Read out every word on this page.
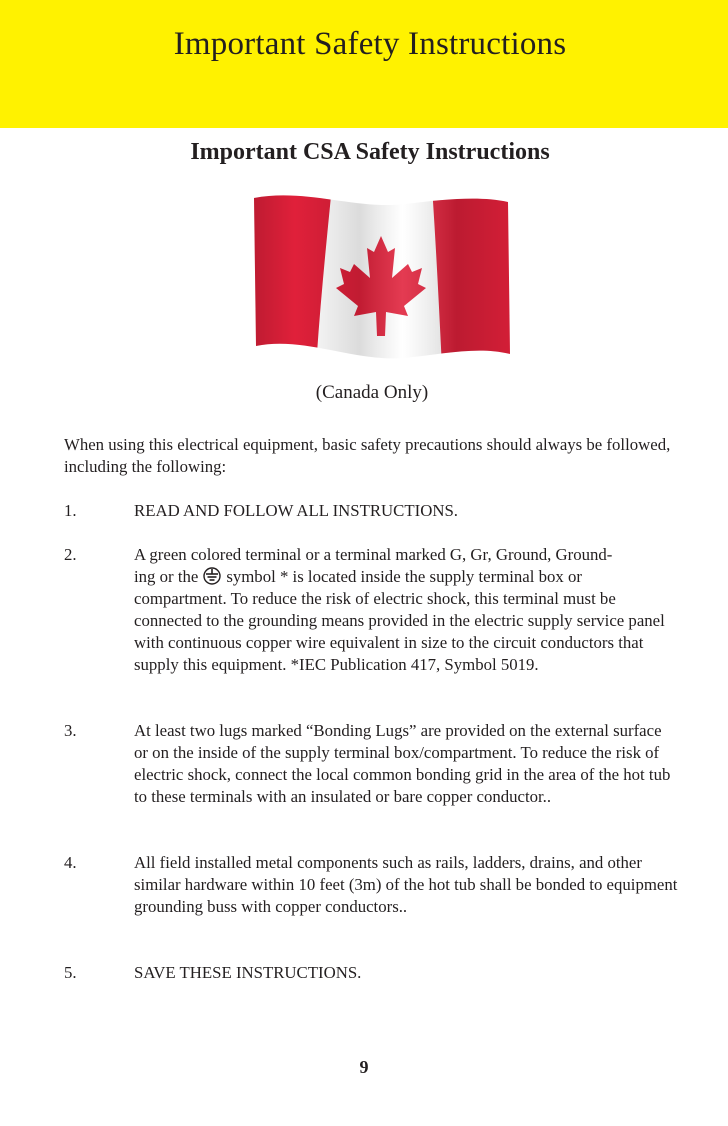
Important Safety Instructions
Important CSA Safety Instructions
(Canada Only)
When using this electrical equipment, basic safety precautions should always be followed, including the following:
1.	READ AND FOLLOW ALL INSTRUCTIONS.
2.	A green colored terminal or a terminal marked G, Gr, Ground, Ground-
ing or the symbol * is located inside the supply terminal box or
compartment. To reduce the risk of electric shock, this terminal must be connected to the grounding means provided in the electric supply service panel with continuous copper wire equivalent in size to the circuit conductors that supply this equipment. *IEC Publication 417, Symbol 5019.
3.	At least two lugs marked “Bonding Lugs” are provided on the external surface or on the inside of the supply terminal box/compartment. To reduce the risk of electric shock, connect the local common bonding grid in the area of the hot tub to these terminals with an insulated or bare copper conductor..
4.	All field installed metal components such as rails, ladders, drains, and other similar hardware within 10 feet (3m) of the hot tub shall be bonded to equipment grounding buss with copper conductors..
5.	SAVE THESE INSTRUCTIONS.
9
